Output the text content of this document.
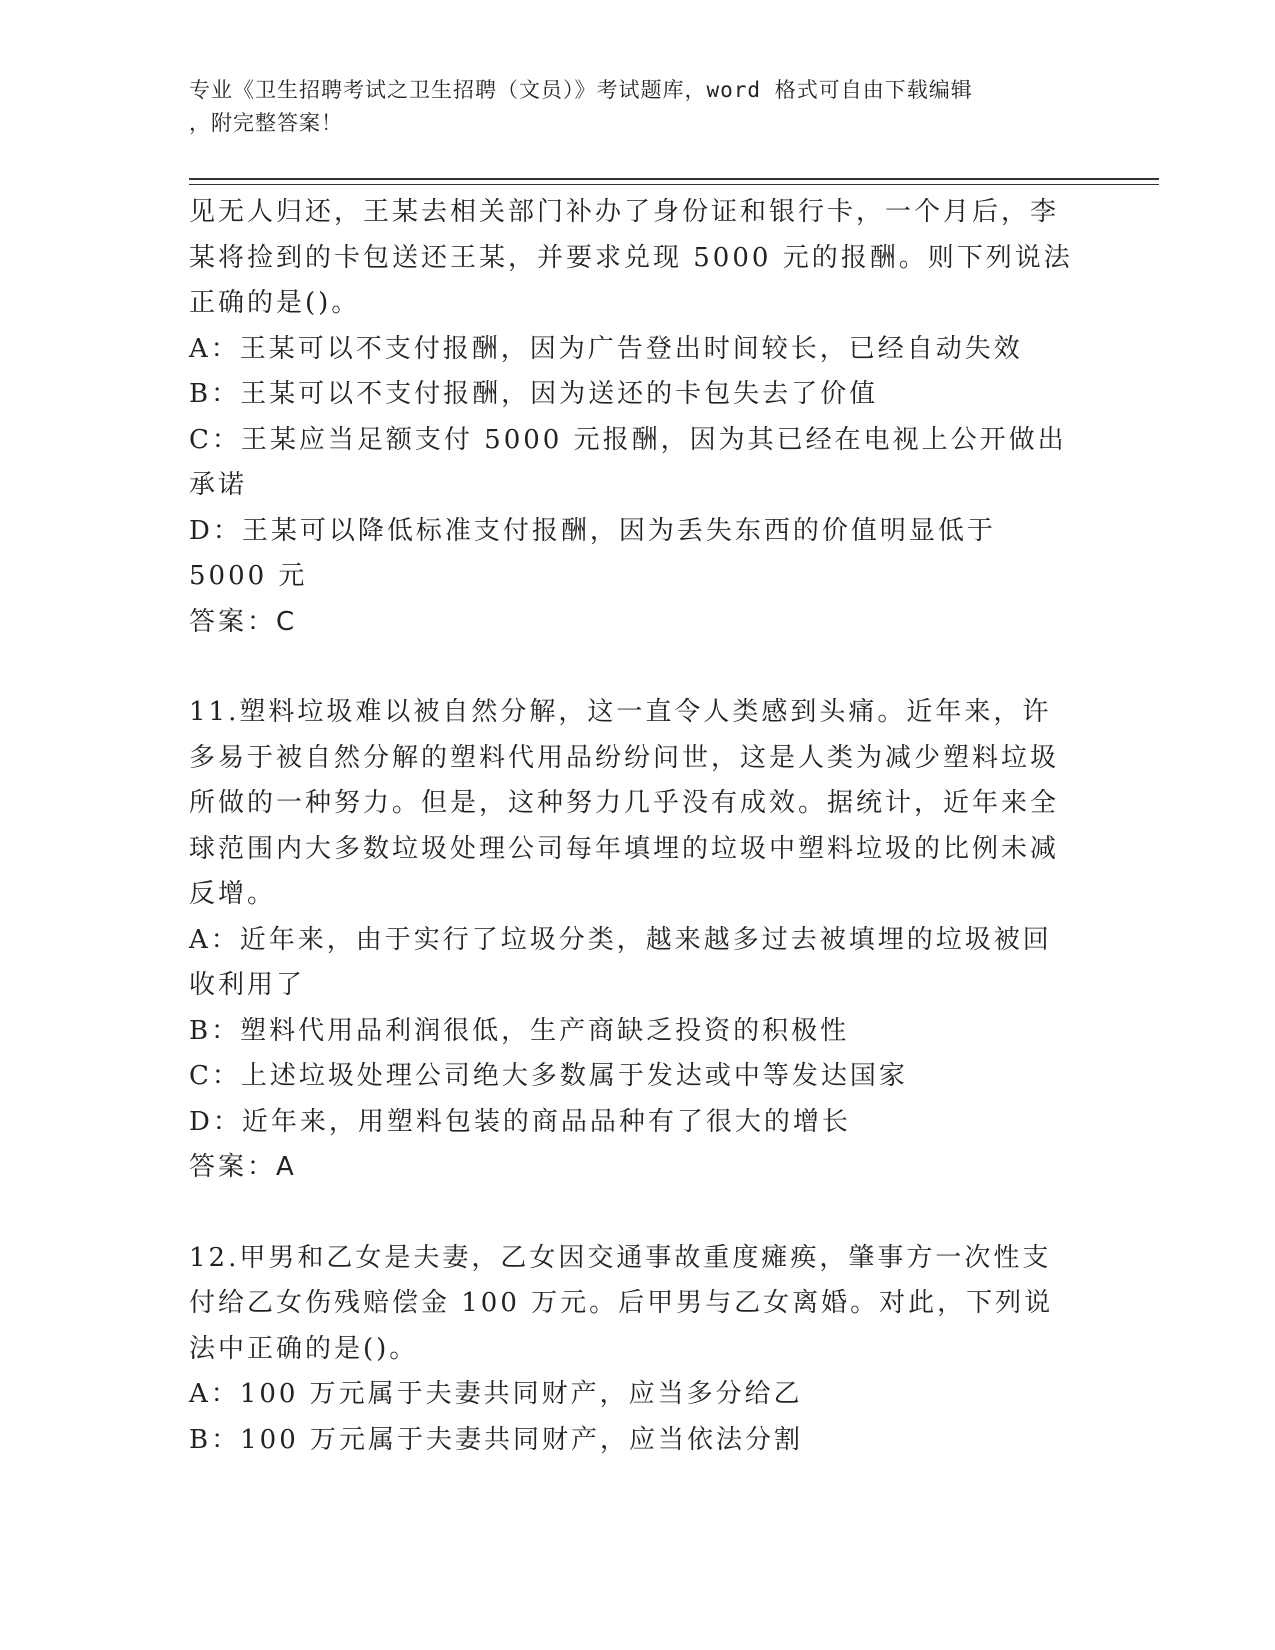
专业《卫生招聘考试之卫生招聘（文员）》考试题库，word 格式可自由下载编辑
，附完整答案！

见无人归还，王某去相关部门补办了身份证和银行卡，一个月后，李某将捡到的卡包送还王某，并要求兑现 5000 元的报酬。则下列说法正确的是()。

A：王某可以不支付报酬，因为广告登出时间较长，已经自动失效

B：王某可以不支付报酬，因为送还的卡包失去了价值

C：王某应当足额支付 5000 元报酬，因为其已经在电视上公开做出承诺

D：王某可以降低标准支付报酬，因为丢失东西的价值明显低于 5000 元

答案：C

11.塑料垃圾难以被自然分解，这一直令人类感到头痛。近年来，许多易于被自然分解的塑料代用品纷纷问世，这是人类为减少塑料垃圾所做的一种努力。但是，这种努力几乎没有成效。据统计，近年来全球范围内大多数垃圾处理公司每年填埋的垃圾中塑料垃圾的比例未减反增。

A：近年来，由于实行了垃圾分类，越来越多过去被填埋的垃圾被回收利用了

B：塑料代用品利润很低，生产商缺乏投资的积极性

C：上述垃圾处理公司绝大多数属于发达或中等发达国家

D：近年来，用塑料包装的商品品种有了很大的增长

答案：A

12.甲男和乙女是夫妻，乙女因交通事故重度瘫痪，肇事方一次性支付给乙女伤残赔偿金 100 万元。后甲男与乙女离婚。对此，下列说法中正确的是()。

A：100 万元属于夫妻共同财产，应当多分给乙

B：100 万元属于夫妻共同财产，应当依法分割
